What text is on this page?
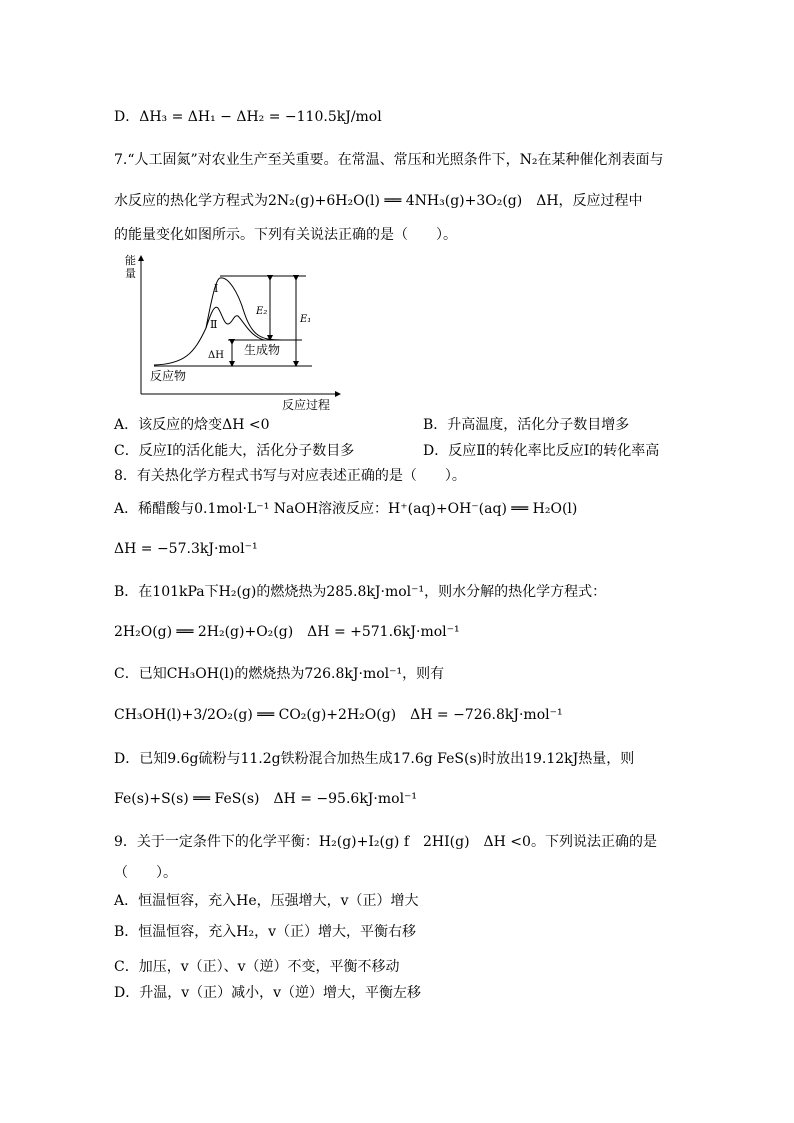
D．ΔH₃ = ΔH₁ − ΔH₂ = −110.5kJ/mol
7.“人工固氮”对农业生产至关重要。在常温、常压和光照条件下，N₂在某种催化剂表面与
水反应的热化学方程式为2N₂(g)+6H₂O(l) ══ 4NH₃(g)+3O₂(g)　ΔH，反应过程中
的能量变化如图所示。下列有关说法正确的是（　　）。
能
量
反应过程
Ⅰ
Ⅱ
E₂
E₁
ΔH 生成物
反应物
A．该反应的焓变ΔH <0	B．升高温度，活化分子数目增多
C．反应Ⅰ的活化能大，活化分子数目多	D．反应Ⅱ的转化率比反应Ⅰ的转化率高
8．有关热化学方程式书写与对应表述正确的是（　　）。
A．稀醋酸与0.1mol·L⁻¹ NaOH溶液反应：H⁺(aq)+OH⁻(aq) ══ H₂O(l)
ΔH = −57.3kJ·mol⁻¹
B．在101kPa下H₂(g)的燃烧热为285.8kJ·mol⁻¹，则水分解的热化学方程式：
2H₂O(g) ══ 2H₂(g)+O₂(g)　ΔH = +571.6kJ·mol⁻¹
C．已知CH₃OH(l)的燃烧热为726.8kJ·mol⁻¹，则有
CH₃OH(l)+3/2O₂(g) ══ CO₂(g)+2H₂O(g)　ΔH = −726.8kJ·mol⁻¹
D．已知9.6g硫粉与11.2g铁粉混合加热生成17.6g FeS(s)时放出19.12kJ热量，则
Fe(s)+S(s) ══ FeS(s)　ΔH = −95.6kJ·mol⁻¹
9．关于一定条件下的化学平衡：H₂(g)+I₂(g) f　2HI(g)　ΔH <0。下列说法正确的是
（　　）。
A．恒温恒容，充入He，压强增大，v（正）增大
B．恒温恒容，充入H₂，v（正）增大，平衡右移
C．加压，v（正）、v（逆）不变，平衡不移动
D．升温，v（正）减小，v（逆）增大，平衡左移
